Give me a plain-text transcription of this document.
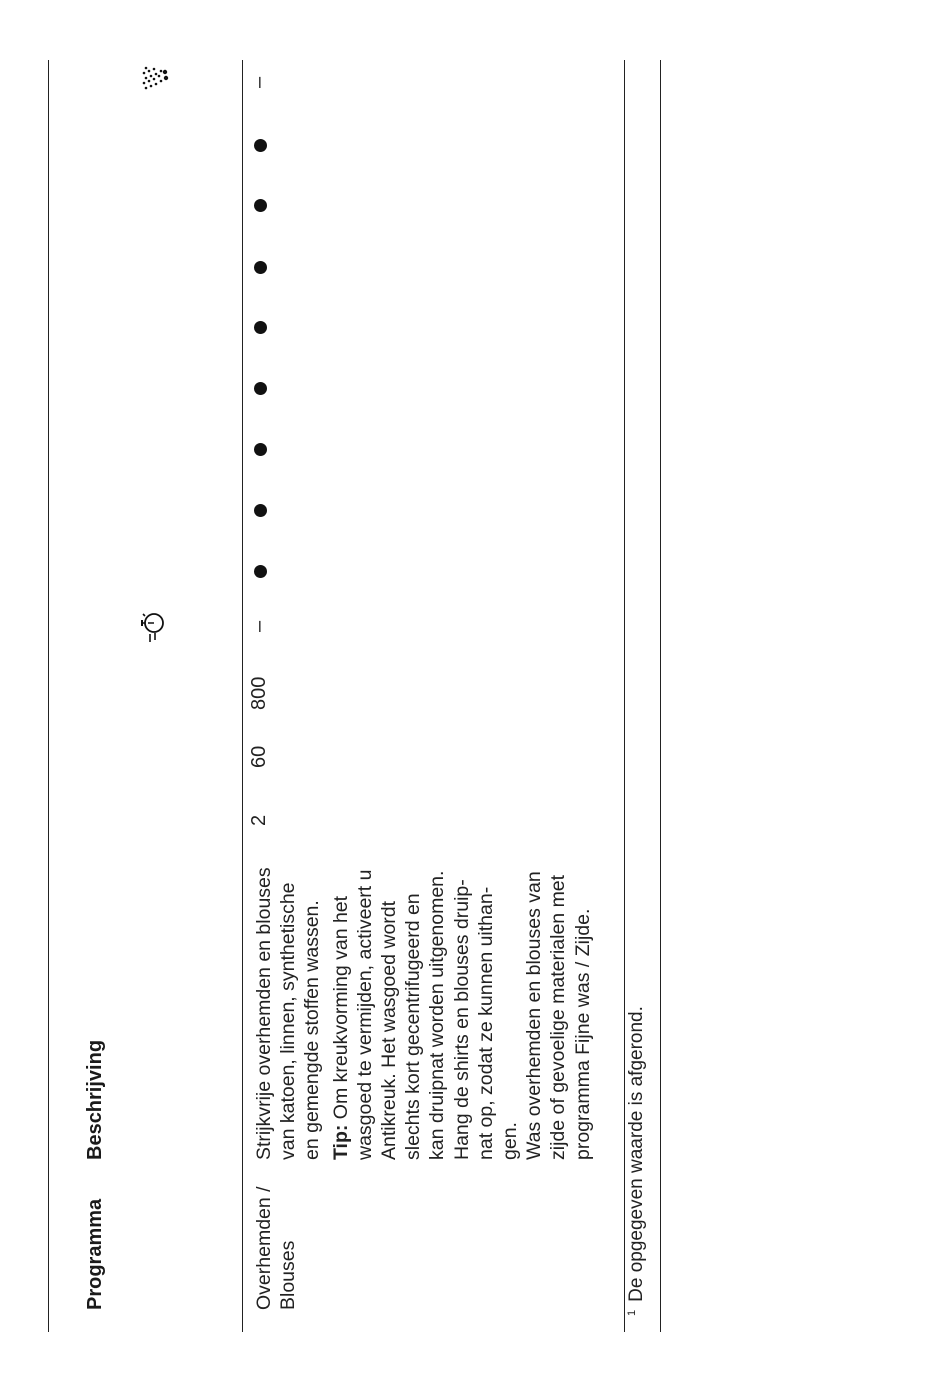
Programma
Beschrijving
Overhemden / Blouses
Strijkvrije overhemden en blouses van katoen, linnen, synthetische en gemengde stoffen wassen. Tip: Om kreukvorming van het wasgoed te vermijden, activeert u Antikreuk. Het wasgoed wordt slechts kort gecentrifugeerd en kan druipnat worden uitgenomen. Hang de shirts en blouses druip- nat op, zodat ze kunnen uithan- gen. Was overhemden en blouses van zijde of gevoelige materialen met programma Fijne was / Zijde.
2
60
800
–
–
$^1$De opgegeven waarde is afgerond.
